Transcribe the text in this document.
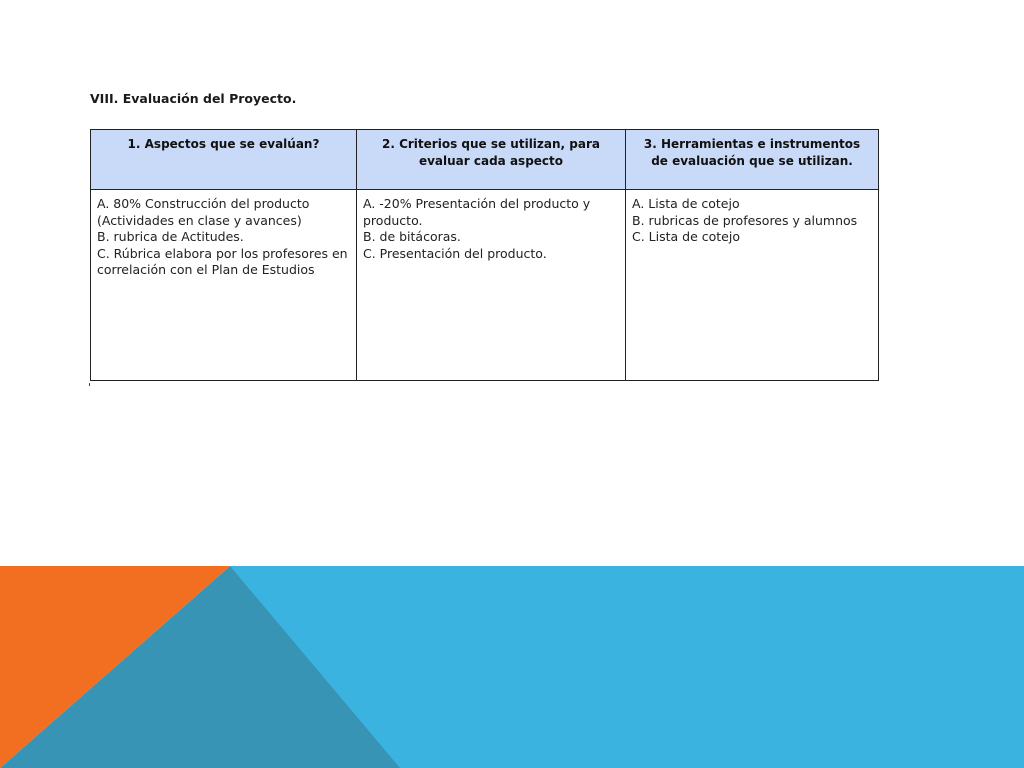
VIII. Evaluación del Proyecto.
1. Aspectos que se evalúan?	2. Criterios que se utilizan, para evaluar cada aspecto	3. Herramientas e instrumentos de evaluación que se utilizan.

A. 80% Construcción del producto (Actividades en clase y avances)
B. rubrica de Actitudes.
C. Rúbrica elabora por los profesores en correlación con el Plan de Estudios	A. -20% Presentación del producto y producto.
B. de bitácoras.
C. Presentación del producto.	A. Lista de cotejo
B. rubricas de profesores y alumnos
C. Lista de cotejo
